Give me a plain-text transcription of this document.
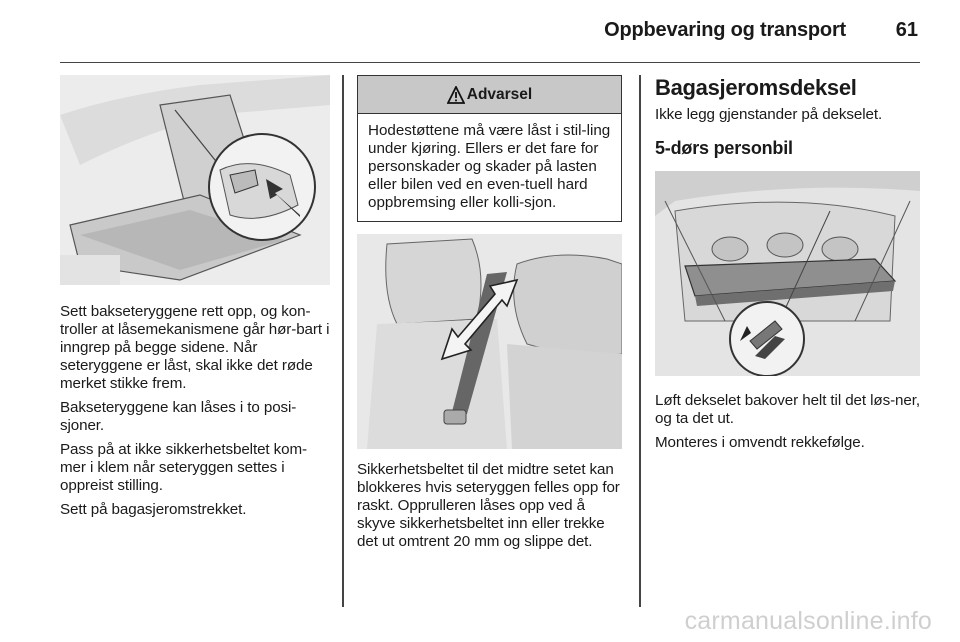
Oppbevaring og transport 61

Sett bakseteryggene rett opp, og kon-troller at låsemekanismene går hør-bart i inngrep på begge sidene. Når seteryggene er låst, skal ikke det røde merket stikke frem.

Bakseteryggene kan låses i to posi-sjoner.

Pass på at ikke sikkerhetsbeltet kom-mer i klem når seteryggen settes i oppreist stilling.

Sett på bagasjeromstrekket.

Advarsel
Hodestøttene må være låst i stil-ling under kjøring. Ellers er det fare for personskader og skader på lasten eller bilen ved en even-tuell hard oppbremsing eller kolli-sjon.

Sikkerhetsbeltet til det midtre setet kan blokkeres hvis seteryggen felles opp for raskt. Opprulleren låses opp ved å skyve sikkerhetsbeltet inn eller trekke det ut omtrent 20 mm og slippe det.

Bagasjeromsdeksel

Ikke legg gjenstander på dekselet.

5-dørs personbil

Løft dekselet bakover helt til det løs-ner, og ta det ut.

Monteres i omvendt rekkefølge.

carmanualsonline.info
